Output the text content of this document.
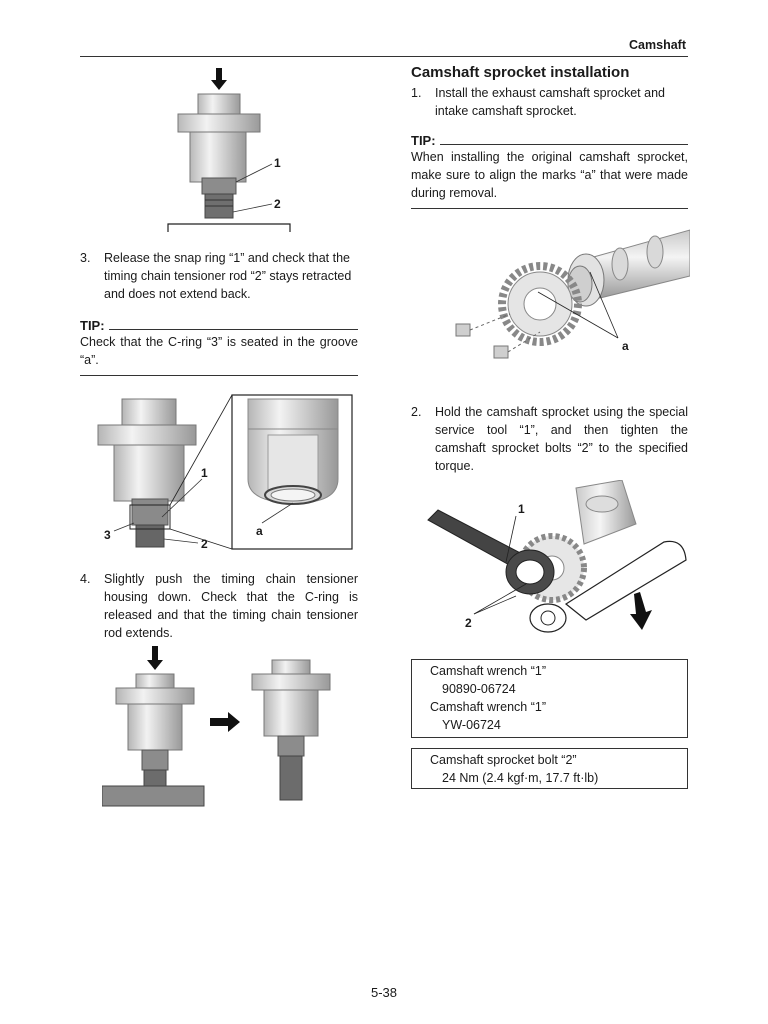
Camshaft
1
2
3.	Release the snap ring “1” and check that the timing chain tensioner rod “2” stays retracted and does not extend back.
TIP:
Check that the C-ring “3” is seated in the groove “a”.
1
2
3	a
4.	Slightly push the timing chain tensioner housing down. Check that the C-ring is released and that the timing chain tensioner rod extends.
Camshaft sprocket installation
1.	Install the exhaust camshaft sprocket and intake camshaft sprocket.
TIP:
When installing the original camshaft sprocket, make sure to align the marks “a” that were made during removal.
a
2.	Hold the camshaft sprocket using the special service tool “1”, and then tighten the camshaft sprocket bolts “2” to the specified torque.
1
2
Camshaft wrench “1”
90890-06724
Camshaft wrench “1”
YW-06724
Camshaft sprocket bolt “2”
24 Nm (2.4 kgf·m, 17.7 ft·lb)
5-38
